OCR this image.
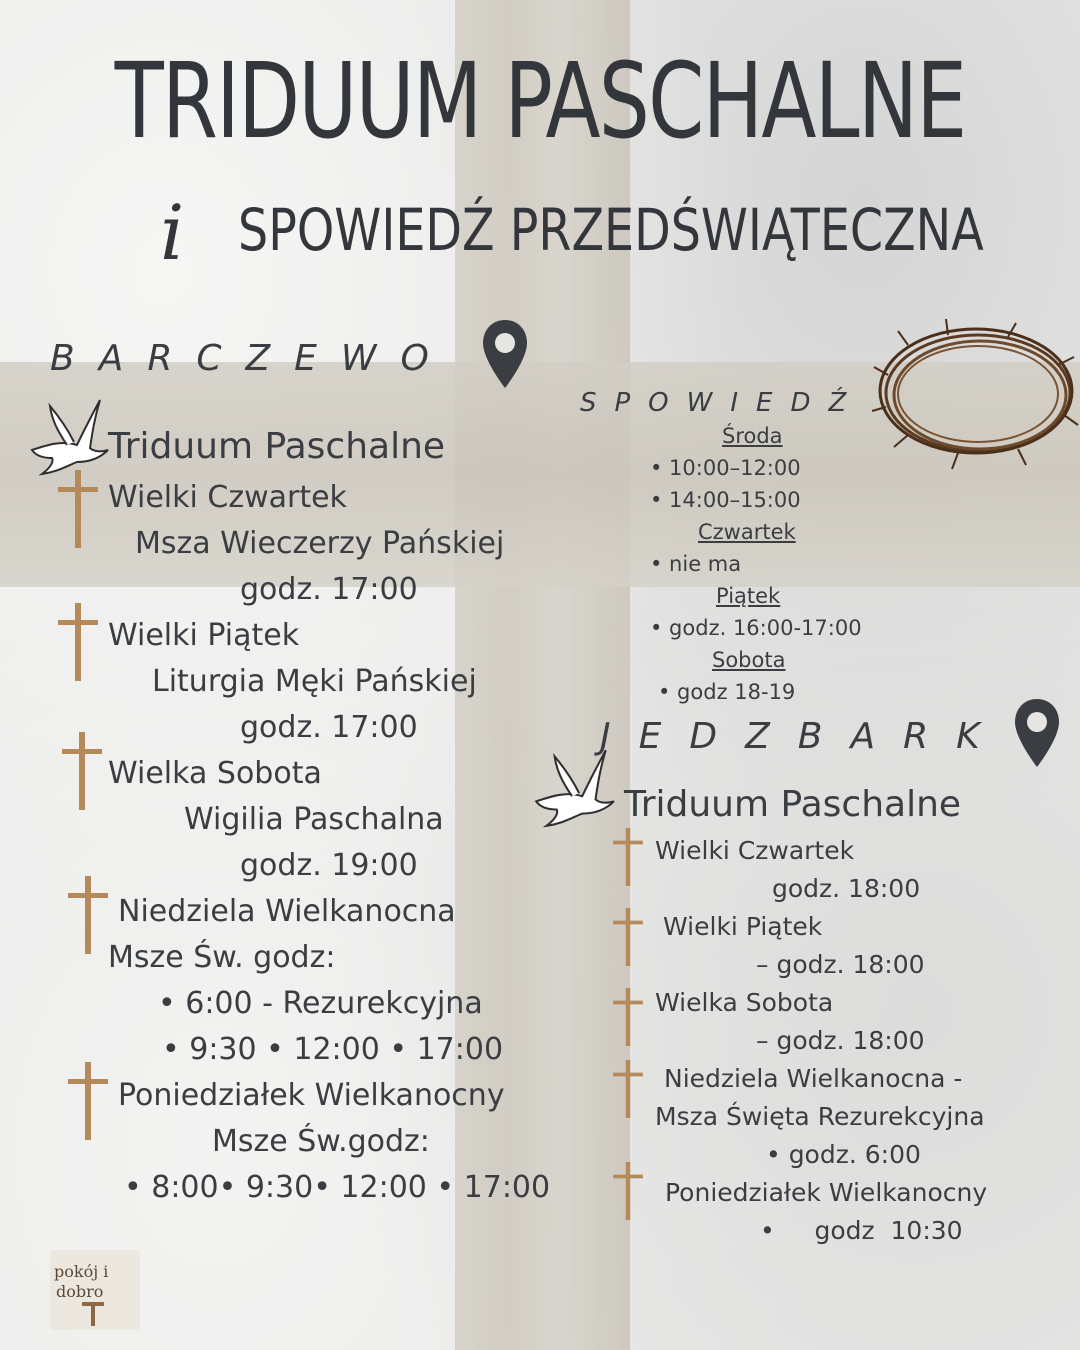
TRIDUUM PASCHALNE
i SPOWIEDŹ PRZEDŚWIĄTECZNA
BARCZEWO
Triduum Paschalne
Wielki Czwartek
Msza Wieczerzy Pańskiej
godz. 17:00
Wielki Piątek
Liturgia Męki Pańskiej
godz. 17:00
Wielka Sobota
Wigilia Paschalna
godz. 19:00
Niedziela Wielkanocna
Msze Św. godz:
• 6:00 - Rezurekcyjna
• 9:30 • 12:00 • 17:00
Poniedziałek Wielkanocny
Msze Św.godz:
• 8:00• 9:30• 12:00 • 17:00
SPOWIEDŹ
Środa
• 10:00–12:00
• 14:00–15:00
Czwartek
• nie ma
Piątek
• godz. 16:00-17:00
Sobota
• godz 18-19
JEDZBARK
Triduum Paschalne
Wielki Czwartek
godz. 18:00
Wielki Piątek
– godz. 18:00
Wielka Sobota
– godz. 18:00
Niedziela Wielkanocna -
Msza Święta Rezurekcyjna
• godz. 6:00
Poniedziałek Wielkanocny
•     godz  10:30
pokój i
dobro
